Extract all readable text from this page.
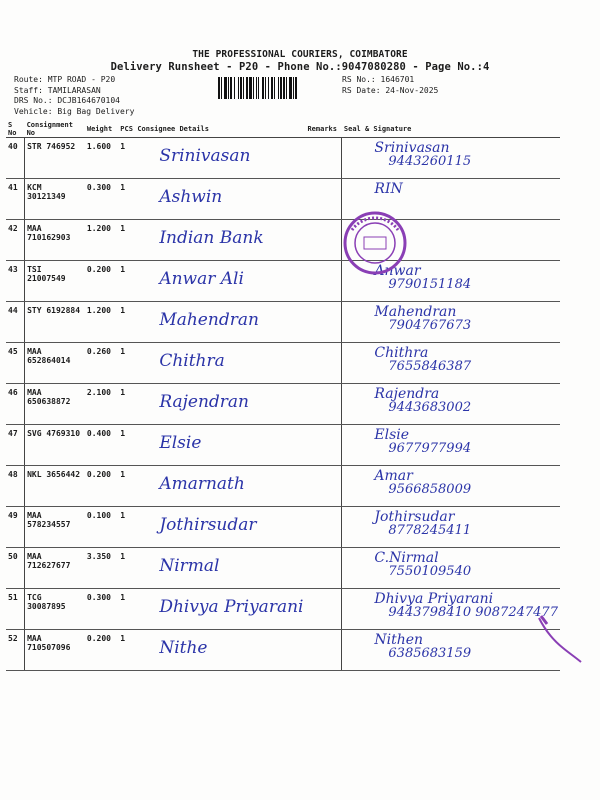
THE PROFESSIONAL COURIERS, COIMBATORE
Delivery Runsheet - P20 - Phone No.:9047080280 - Page No.:4
Route: MTP ROAD - P20
Staff: TAMILARASAN
DRS No.: DCJB164670104
Vehicle: Big Bag Delivery
RS No.: 1646701
RS Date: 24-Nov-2025
S No	Consignment No	Weight	PCS	Consignee Details	Remarks	Seal & Signature
40	STR 746952	1.600	1	Srinivasan		Srinivasan
9443260115

41	KCM 30121349	0.300	1	Ashwin		RIN

42	MAA 710162903	1.200	1	Indian Bank		

43	TSI 21007549	0.200	1	Anwar Ali		Anwar
9790151184

44	STY 6192884	1.200	1	Mahendran		Mahendran
7904767673

45	MAA 652864014	0.260	1	Chithra		Chithra
7655846387

46	MAA 650638872	2.100	1	Rajendran		Rajendra
9443683002

47	SVG 4769310	0.400	1	Elsie		Elsie
9677977994

48	NKL 3656442	0.200	1	Amarnath		Amar
9566858009

49	MAA 578234557	0.100	1	Jothirsudar		Jothirsudar
8778245411

50	MAA 712627677	3.350	1	Nirmal		C.Nirmal
7550109540

51	TCG 30087895	0.300	1	Dhivya Priyarani		Dhivya Priyarani
9443798410 9087247477

52	MAA 710507096	0.200	1	Nithe		Nithen
6385683159
